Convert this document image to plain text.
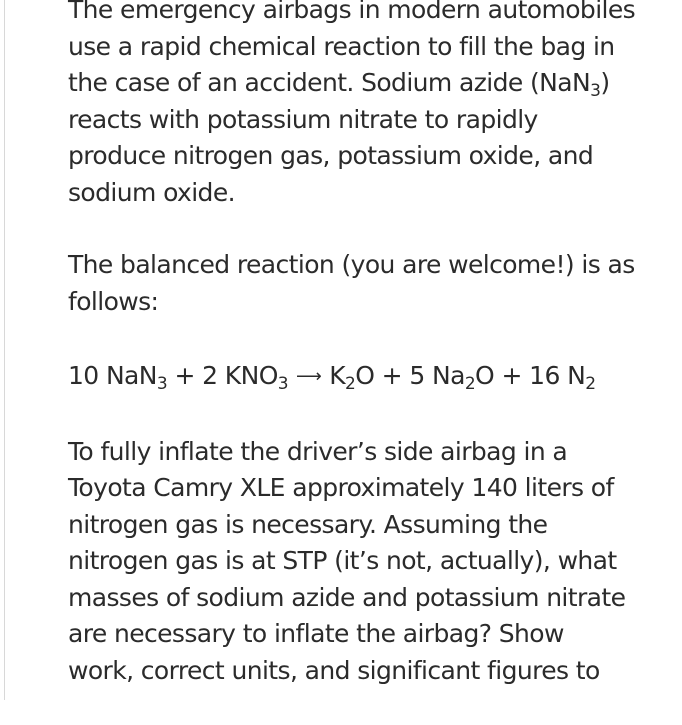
The emergency airbags in modern automobiles
use a rapid chemical reaction to fill the bag in
the case of an accident. Sodium azide (NaN$_3$)
reacts with potassium nitrate to rapidly
produce nitrogen gas, potassium oxide, and
sodium oxide.
The balanced reaction (you are welcome!) is as
follows:
10 NaN$_3$ + 2 $KNO_3$ ⟶ $K_2O + 5$ $Na_2O + 16$ $N_2$
To fully inflate the driver’s side airbag in a
Toyota Camry XLE approximately 140 liters of
nitrogen gas is necessary. Assuming the
nitrogen gas is at STP (it’s not, actually), what
masses of sodium azide and potassium nitrate
are necessary to inflate the airbag? Show
work, correct units, and significant figures to
